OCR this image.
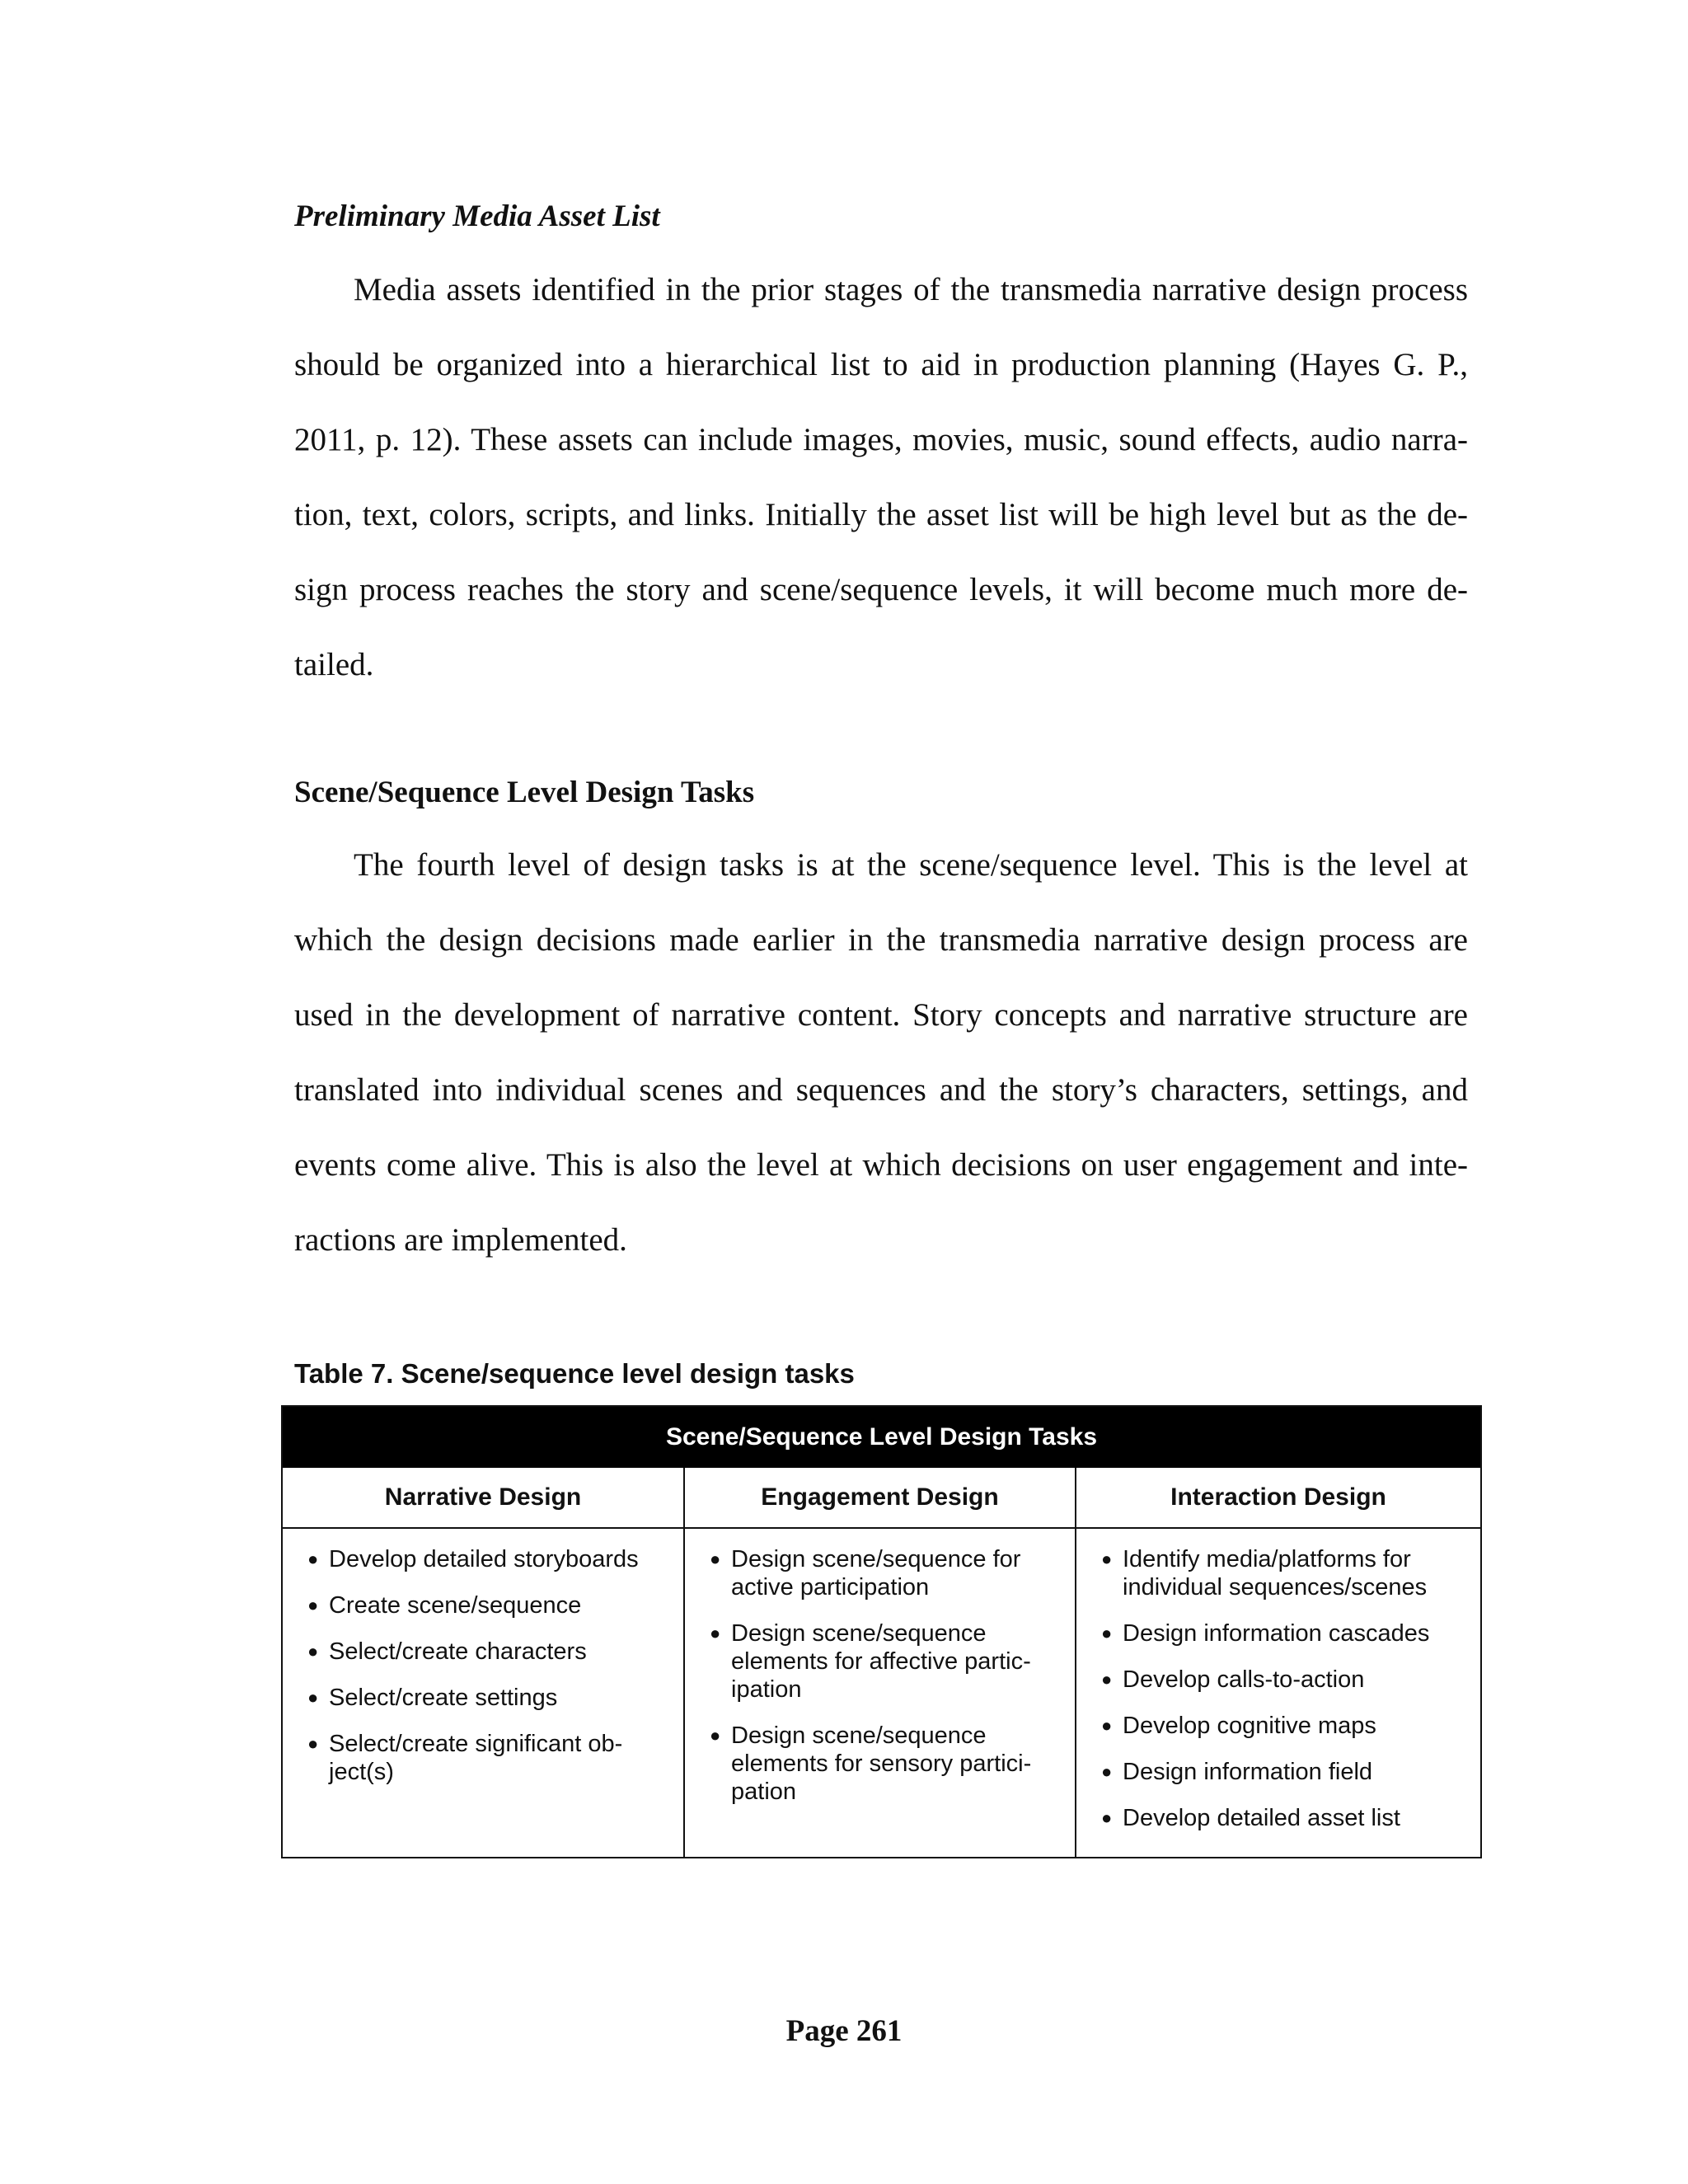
Preliminary Media Asset List

Media assets identified in the prior stages of the transmedia narrative design process
should be organized into a hierarchical list to aid in production planning (Hayes G. P.,
2011, p. 12). These assets can include images, movies, music, sound effects, audio narra-
tion, text, colors, scripts, and links. Initially the asset list will be high level but as the de-
sign process reaches the story and scene/sequence levels, it will become much more de-
tailed.

Scene/Sequence Level Design Tasks

The fourth level of design tasks is at the scene/sequence level. This is the level at
which the design decisions made earlier in the transmedia narrative design process are
used in the development of narrative content. Story concepts and narrative structure are
translated into individual scenes and sequences and the story’s characters, settings, and
events come alive. This is also the level at which decisions on user engagement and inte-
ractions are implemented.

Table 7. Scene/sequence level design tasks

Scene/Sequence Level Design Tasks
Narrative Design	Engagement Design	Interaction Design
● Develop detailed storyboards
● Create scene/sequence
● Select/create characters
● Select/create settings
● Select/create significant ob-ject(s)
● Design scene/sequence for active participation
● Design scene/sequence elements for affective partic-ipation
● Design scene/sequence elements for sensory partici-pation
● Identify media/platforms for individual sequences/scenes
● Design information cascades
● Develop calls-to-action
● Develop cognitive maps
● Design information field
● Develop detailed asset list

Page 261
